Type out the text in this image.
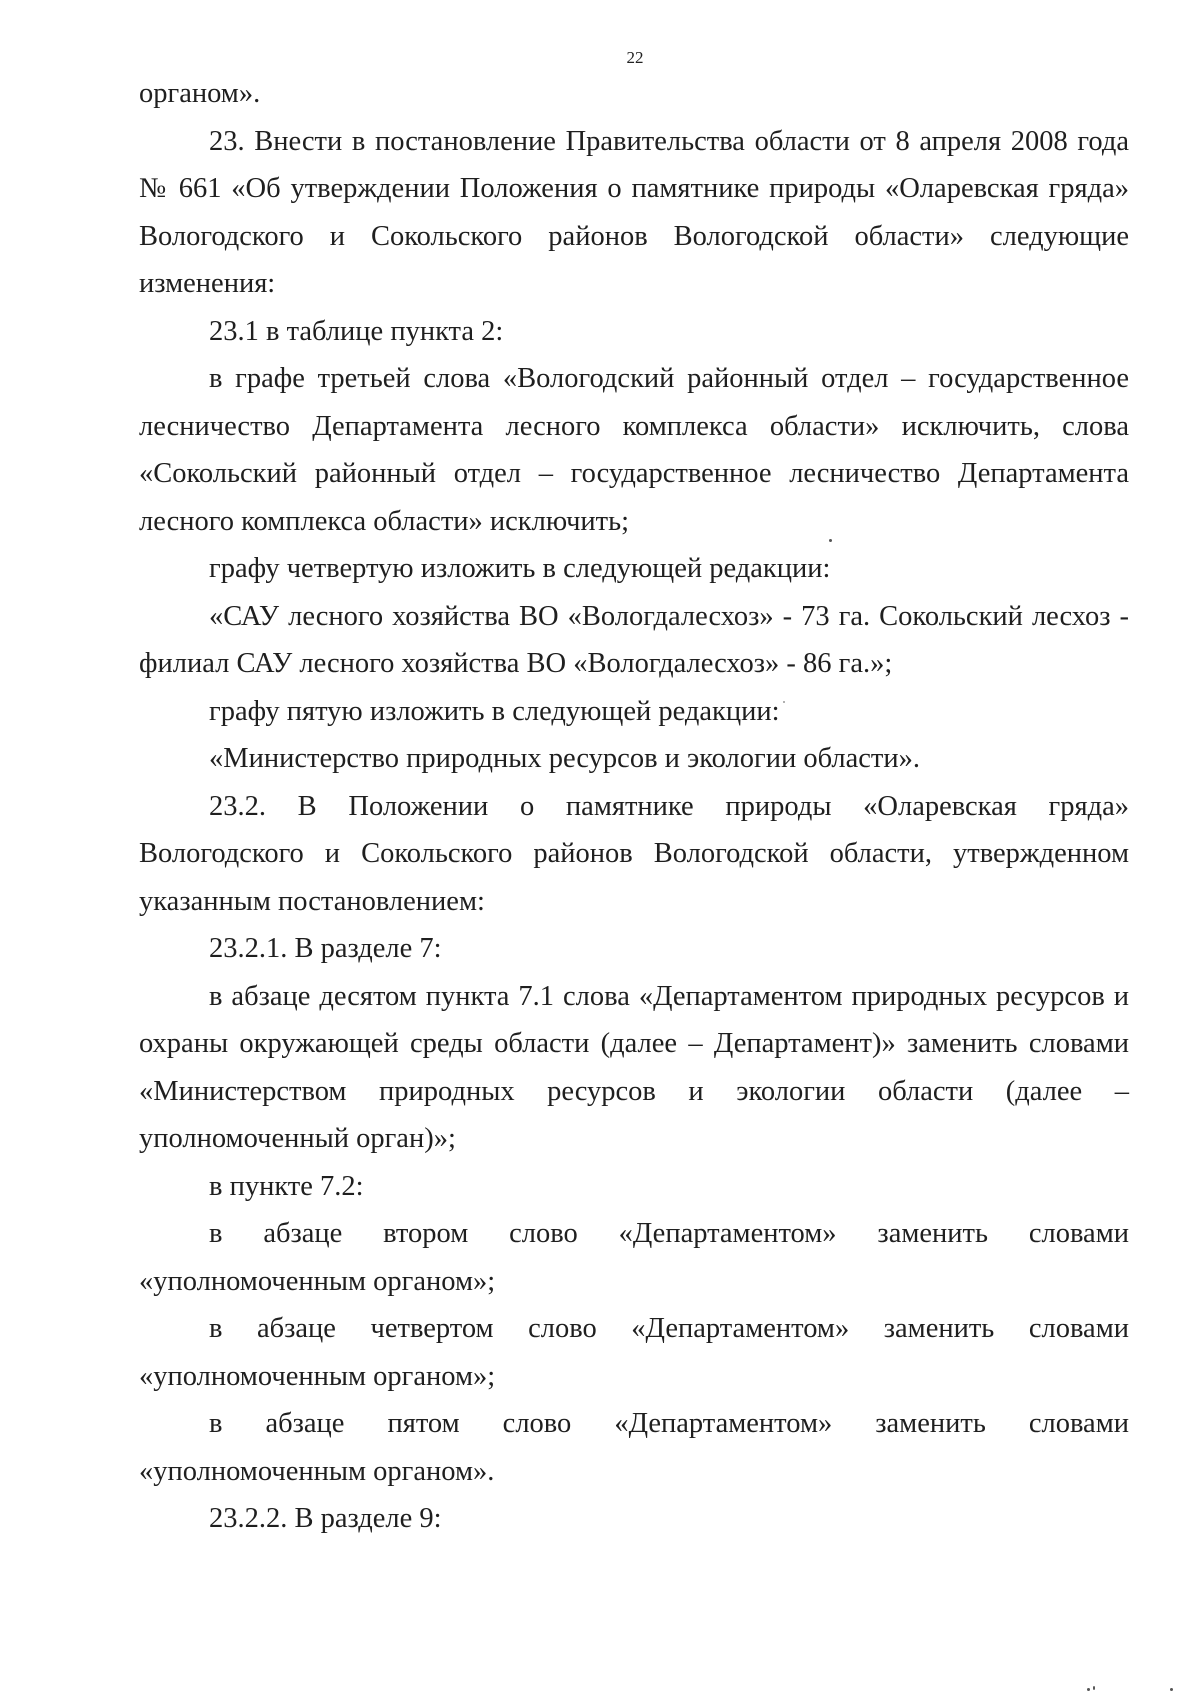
22

органом».

23. Внести в постановление Правительства области от 8 апреля 2008 года № 661 «Об утверждении Положения о памятнике природы «Оларевская гряда» Вологодского и Сокольского районов Вологодской области» следующие изменения:

23.1 в таблице пункта 2:

в графе третьей слова «Вологодский районный отдел – государственное лесничество Департамента лесного комплекса области» исключить, слова «Сокольский районный отдел – государственное лесничество Департамента лесного комплекса области» исключить;

графу четвертую изложить в следующей редакции:

«САУ лесного хозяйства ВО «Вологдалесхоз» - 73 га. Сокольский лесхоз - филиал САУ лесного хозяйства ВО «Вологдалесхоз» - 86 га.»;

графу пятую изложить в следующей редакции:

«Министерство природных ресурсов и экологии области».

23.2. В Положении о памятнике природы «Оларевская гряда» Вологодского и Сокольского районов Вологодской области, утвержденном указанным постановлением:

23.2.1. В разделе 7:

в абзаце десятом пункта 7.1 слова «Департаментом природных ресурсов и охраны окружающей среды области (далее – Департамент)» заменить словами «Министерством природных ресурсов и экологии области (далее – уполномоченный орган)»;

в пункте 7.2:

в абзаце втором слово «Департаментом» заменить словами «уполномоченным органом»;

в абзаце четвертом слово «Департаментом» заменить словами «уполномоченным органом»;

в абзаце пятом слово «Департаментом» заменить словами «уполномоченным органом».

23.2.2. В разделе 9:
